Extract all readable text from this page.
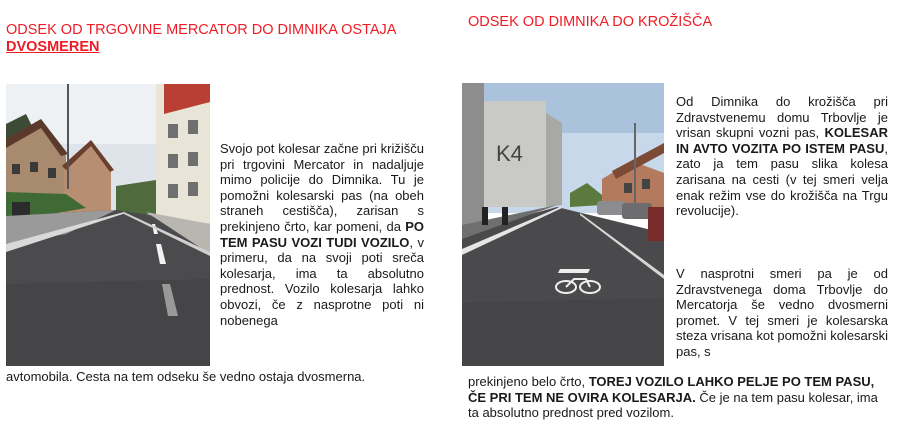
ODSEK OD TRGOVINE MERCATOR DO DIMNIKA OSTAJA
DVOSMEREN
Svojo pot kolesar začne pri križišču pri trgovini Mercator in nadaljuje mimo policije do Dimnika. Tu je pomožni kolesarski pas (na obeh straneh cestišča), zarisan s prekinjeno črto, kar pomeni, da PO TEM PASU VOZI TUDI VOZILO, v primeru, da na svoji poti sreča kolesarja, ima ta absolutno prednost. Vozilo kolesarja lahko obvozi, če z nasprotne poti ni nobenega
avtomobila. Cesta na tem odseku še vedno ostaja dvosmerna.
ODSEK OD DIMNIKA DO KROŽIŠČA
K4
Od Dimnika do krožišča pri Zdravstvenemu domu Trbovlje je vrisan skupni vozni pas, KOLESAR IN AVTO VOZITA PO ISTEM PASU, zato ja tem pasu slika kolesa zarisana na cesti (v tej smeri velja enak režim vse do krožišča na Trgu revolucije).
V nasprotni smeri pa je od Zdravstvenega doma Trbovlje do Mercatorja še vedno dvosmerni promet. V tej smeri je kolesarska steza vrisana kot pomožni kolesarski pas, s
prekinjeno belo črto, TOREJ VOZILO LAHKO PELJE PO TEM PASU, ČE PRI TEM NE OVIRA KOLESARJA. Če je na tem pasu kolesar, ima ta absolutno prednost pred vozilom.
